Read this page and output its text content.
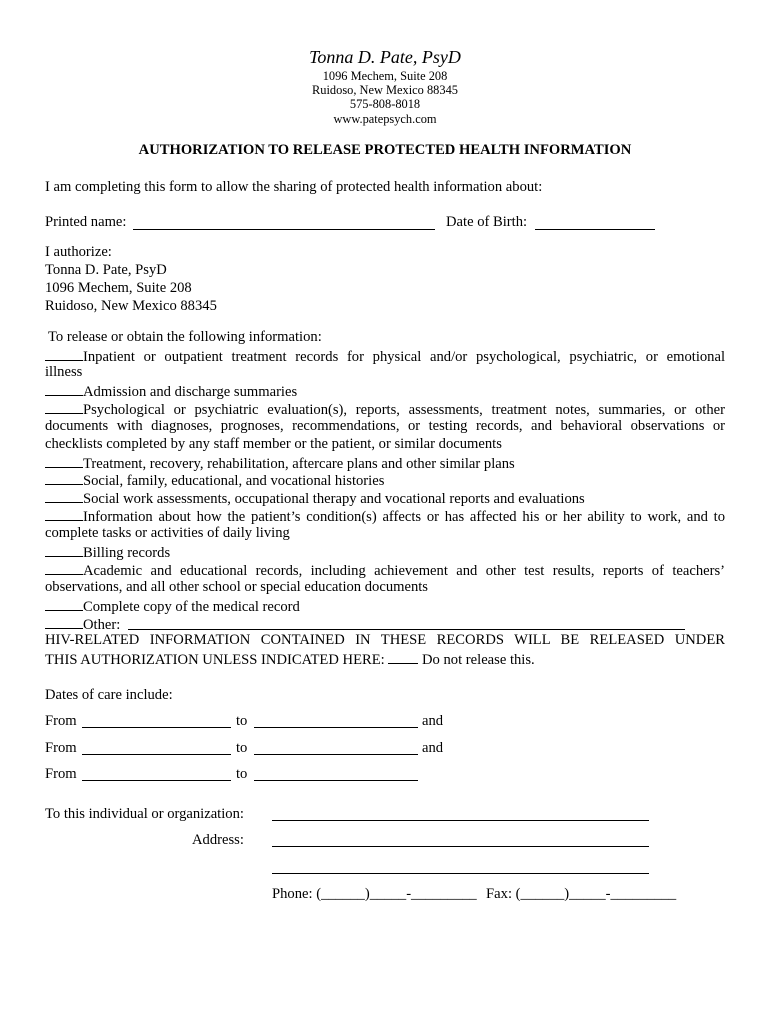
Tonna D. Pate, PsyD
1096 Mechem, Suite 208
Ruidoso, New Mexico 88345
575-808-8018
www.patepsych.com
AUTHORIZATION TO RELEASE PROTECTED HEALTH INFORMATION
I am completing this form to allow the sharing of protected health information about:
Printed name:	Date of Birth:
I authorize:
Tonna D. Pate, PsyD
1096 Mechem, Suite 208
Ruidoso, New Mexico 88345
To release or obtain the following information:
Inpatient or outpatient treatment records for physical and/or psychological, psychiatric, or emotional
illness
Admission and discharge summaries
Psychological or psychiatric evaluation(s), reports, assessments, treatment notes, summaries, or other
documents with diagnoses, prognoses, recommendations, or testing records, and behavioral observations or
checklists completed by any staff member or the patient, or similar documents
Treatment, recovery, rehabilitation, aftercare plans and other similar plans
Social, family, educational, and vocational histories
Social work assessments, occupational therapy and vocational reports and evaluations
Information about how the patient’s condition(s) affects or has affected his or her ability to work, and to
complete tasks or activities of daily living
Billing records
Academic and educational records, including achievement and other test results, reports of teachers’
observations, and all other school or special education documents
Complete copy of the medical record
Other:
HIV-RELATED INFORMATION CONTAINED IN THESE RECORDS WILL BE RELEASED UNDER
THIS AUTHORIZATION UNLESS INDICATED HERE:	Do not release this.
Dates of care include:
From	to	and
From	to	and
From	to
To this individual or organization:
Address:
Phone: (______)_____-_________ Fax: (______)_____-_________
